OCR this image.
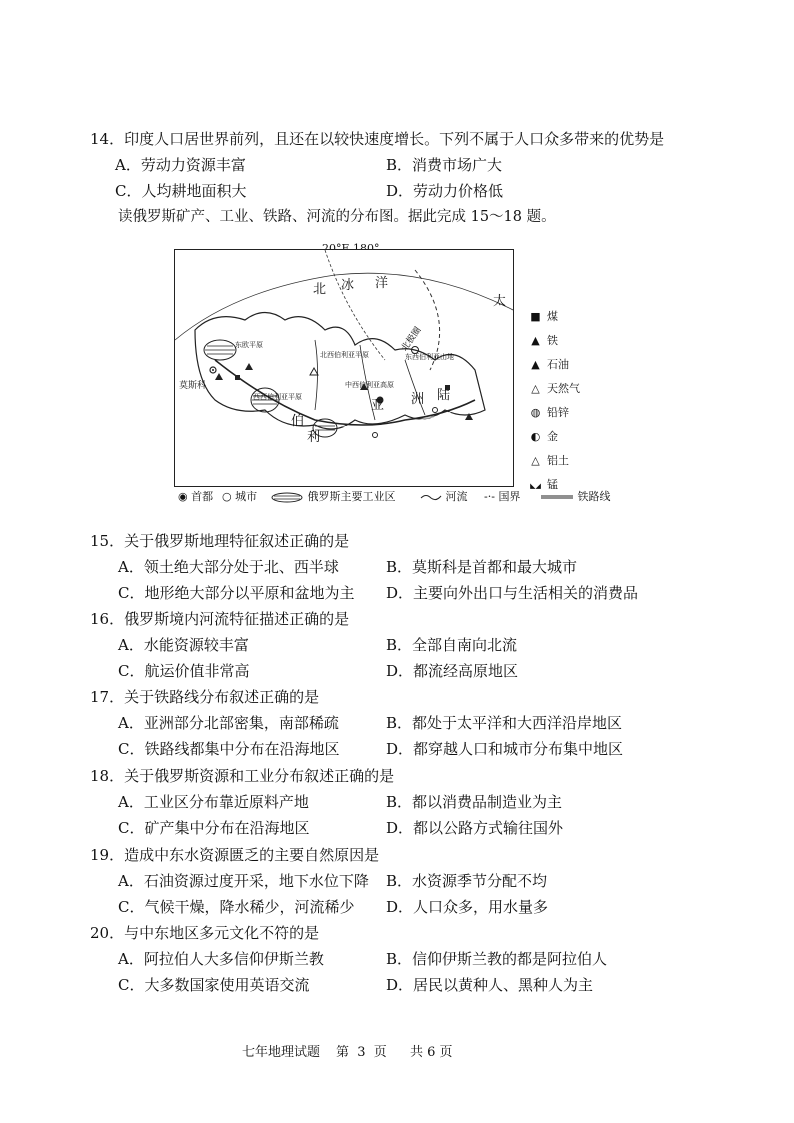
14．印度人口居世界前列，且还在以较快速度增长。下列不属于人口众多带来的优势是
A．劳动力资源丰富	B．消费市场广大
C．人均耕地面积大	D．劳动力价格低
读俄罗斯矿产、工业、铁路、河流的分布图。据此完成 15～18 题。
北 冰 洋
太
北极圈
莫斯科
东欧平原
西西伯利亚平原
北西伯利亚平原
中西伯利亚高原
东西伯利亚山地
伯
利
亚 洲 陆
■ 煤
▲ 铁
▲ 石油
△ 天然气
◍ 铅锌
◐ 金
△ 铝土
◣◢ 锰
◉ 首都 ○ 城市	俄罗斯主要工业区	河流 -·- 国界	铁路线
15．关于俄罗斯地理特征叙述正确的是
A．领土绝大部分处于北、西半球	B．莫斯科是首都和最大城市
C．地形绝大部分以平原和盆地为主 D．主要向外出口与生活相关的消费品
16．俄罗斯境内河流特征描述正确的是
A．水能资源较丰富	B．全部自南向北流
C．航运价值非常高	D．都流经高原地区
17．关于铁路线分布叙述正确的是
A．亚洲部分北部密集，南部稀疏	B．都处于太平洋和大西洋沿岸地区
C．铁路线都集中分布在沿海地区	D．都穿越人口和城市分布集中地区
18．关于俄罗斯资源和工业分布叙述正确的是
A．工业区分布靠近原料产地	B．都以消费品制造业为主
C．矿产集中分布在沿海地区	D．都以公路方式输往国外
19．造成中东水资源匮乏的主要自然原因是
A．石油资源过度开采，地下水位下降 B．水资源季节分配不均
C．气候干燥，降水稀少，河流稀少 D．人口众多，用水量多
20．与中东地区多元文化不符的是
A．阿拉伯人大多信仰伊斯兰教	B．信仰伊斯兰教的都是阿拉伯人
C．大多数国家使用英语交流	D．居民以黄种人、黑种人为主
七年地理试题 第  3  页 共 6 页
